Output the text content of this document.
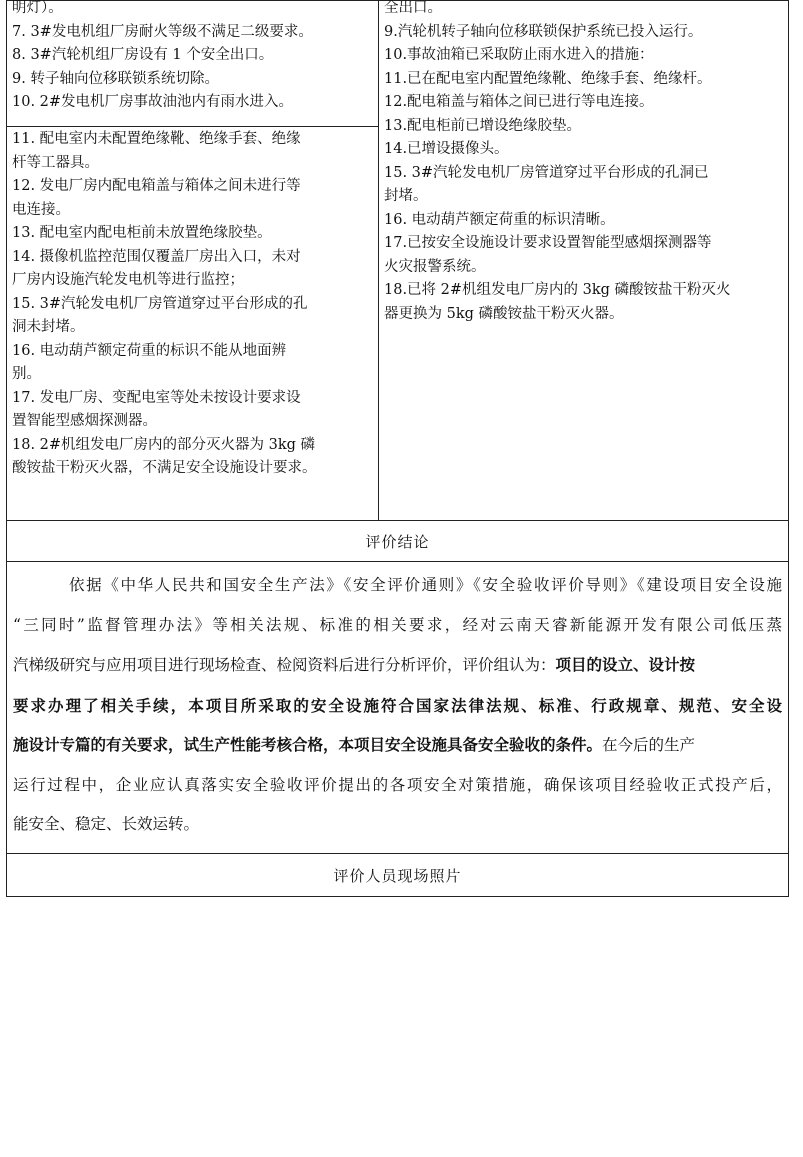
明灯）。
7. 3#发电机组厂房耐火等级不满足二级要求。
8. 3#汽轮机组厂房设有 1 个安全出口。
9. 转子轴向位移联锁系统切除。
10. 2#发电机厂房事故油池内有雨水进入。

全出口。
9.汽轮机转子轴向位移联锁保护系统已投入运行。
10.事故油箱已采取防止雨水进入的措施：
11.已在配电室内配置绝缘靴、绝缘手套、绝缘杆。
12.配电箱盖与箱体之间已进行等电连接。
13.配电柜前已增设绝缘胶垫。
14.已增设摄像头。
15. 3#汽轮发电机厂房管道穿过平台形成的孔洞已
封堵。
16. 电动葫芦额定荷重的标识清晰。
17.已按安全设施设计要求设置智能型感烟探测器等
火灾报警系统。
18.已将 2#机组发电厂房内的 3kg 磷酸铵盐干粉灭火
器更换为 5kg 磷酸铵盐干粉灭火器。

11. 配电室内未配置绝缘靴、绝缘手套、绝缘
杆等工器具。
12. 发电厂房内配电箱盖与箱体之间未进行等
电连接。
13. 配电室内配电柜前未放置绝缘胶垫。
14. 摄像机监控范围仅覆盖厂房出入口，未对
厂房内设施汽轮发电机等进行监控；
15. 3#汽轮发电机厂房管道穿过平台形成的孔
洞未封堵。
16. 电动葫芦额定荷重的标识不能从地面辨
别。
17. 发电厂房、变配电室等处未按设计要求设
置智能型感烟探测器。
18. 2#机组发电厂房内的部分灭火器为 3kg 磷
酸铵盐干粉灭火器，不满足安全设施设计要求。

评价结论

依据《中华人民共和国安全生产法》《安全评价通则》《安全验收评价导则》《建设项目安全设施
“三同时”监督管理办法》等相关法规、标准的相关要求，经对云南天睿新能源开发有限公司低压蒸
汽梯级研究与应用项目进行现场检查、检阅资料后进行分析评价，评价组认为：项目的设立、设计按
要求办理了相关手续，本项目所采取的安全设施符合国家法律法规、标准、行政规章、规范、安全设
施设计专篇的有关要求，试生产性能考核合格，本项目安全设施具备安全验收的条件。在今后的生产
运行过程中，企业应认真落实安全验收评价提出的各项安全对策措施，确保该项目经验收正式投产后，
能安全、稳定、长效运转。

评价人员现场照片
